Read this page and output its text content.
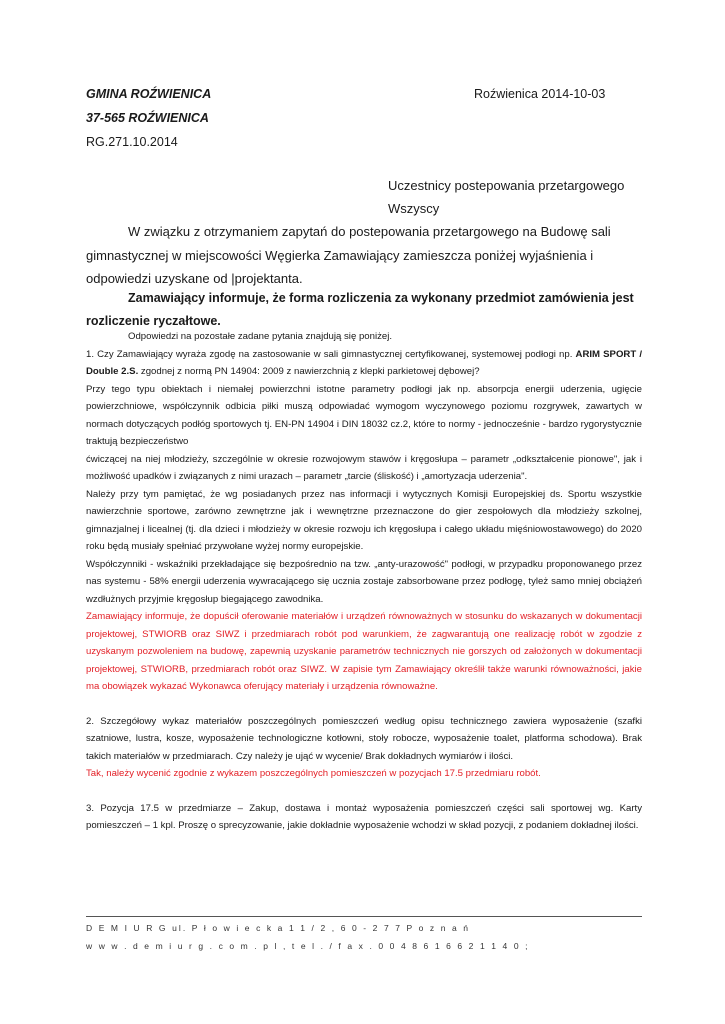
GMINA ROŹWIENICA
37-565 ROŹWIENICA
RG.271.10.2014
Roźwienica 2014-10-03
Uczestnicy postepowania przetargowego
Wszyscy
W związku z otrzymaniem zapytań do postepowania przetargowego na Budowę sali
gimnastycznej w miejscowości Węgierka Zamawiający zamieszcza poniżej wyjaśnienia i
odpowiedzi uzyskane od |projektanta.
Zamawiający informuje, że forma rozliczenia za wykonany przedmiot zamówienia jest
rozliczenie ryczałtowe.

Odpowiedzi na pozostałe zadane pytania znajdują się poniżej.

1. Czy Zamawiający wyraża zgodę na zastosowanie w sali gimnastycznej certyfikowanej, systemowej podłogi np. ARIM SPORT / Double 2.S. zgodnej z normą PN 14904: 2009 z nawierzchnią z klepki parkietowej dębowej?

Przy tego typu obiektach i niemałej powierzchni istotne parametry podłogi jak np. absorpcja energii uderzenia, ugięcie powierzchniowe, współczynnik odbicia piłki muszą odpowiadać wymogom wyczynowego poziomu rozgrywek, zawartych w normach dotyczących podłóg sportowych tj. EN-PN 14904 i DIN 18032 cz.2, które to normy - jednocześnie - bardzo rygorystycznie traktują bezpieczeństwo

ćwiczącej na niej młodzieży, szczególnie w okresie rozwojowym stawów i kręgosłupa – parametr „odkształcenie pionowe", jak i możliwość upadków i związanych z nimi urazach – parametr „tarcie (śliskość) i „amortyzacja uderzenia".

Należy przy tym pamiętać, że wg posiadanych przez nas informacji i wytycznych Komisji Europejskiej ds. Sportu wszystkie nawierzchnie sportowe, zarówno zewnętrzne jak i wewnętrzne przeznaczone do gier zespołowych dla młodzieży szkolnej, gimnazjalnej i licealnej (tj. dla dzieci i młodzieży w okresie rozwoju ich kręgosłupa i całego układu mięśniowostawowego) do 2020 roku będą musiały spełniać przywołane wyżej normy europejskie.

Współczynniki - wskaźniki przekładające się bezpośrednio na tzw. „anty-urazowość" podłogi, w przypadku proponowanego przez nas systemu - 58% energii uderzenia wywracającego się ucznia zostaje zabsorbowane przez podłogę, tyleż samo mniej obciążeń wzdłużnych przyjmie kręgosłup biegającego zawodnika.

Zamawiający informuje, że dopuścił oferowanie materiałów i urządzeń równoważnych w stosunku do wskazanych w dokumentacji projektowej, STWIORB oraz SIWZ i przedmiarach robót pod warunkiem, że zagwarantują one realizację robót w zgodzie z uzyskanym pozwoleniem na budowę, zapewnią uzyskanie parametrów technicznych nie gorszych od założonych w dokumentacji projektowej, STWIORB, przedmiarach robót oraz SIWZ. W zapisie tym Zamawiający określił także warunki równoważności, jakie ma obowiązek wykazać Wykonawca oferujący materiały i urządzenia równoważne.

2. Szczegółowy wykaz materiałów poszczególnych pomieszczeń według opisu technicznego zawiera wyposażenie (szafki szatniowe, lustra, kosze, wyposażenie technologiczne kotłowni, stoły robocze, wyposażenie toalet, platforma schodowa). Brak takich materiałów w przedmiarach. Czy należy je ująć w wycenie/ Brak dokładnych wymiarów i ilości.

Tak, należy wycenić zgodnie z wykazem poszczególnych pomieszczeń w pozycjach 17.5 przedmiaru robót.

3. Pozycja 17.5 w przedmiarze – Zakup, dostawa i montaż wyposażenia pomieszczeń części sali sportowej wg. Karty pomieszczeń – 1 kpl. Proszę o sprecyzowanie, jakie dokładnie wyposażenie wchodzi w skład pozycji, z podaniem dokładnej ilości.

D E M I U R G ul. P ł o w i e c k a 1 1 / 2 , 6 0 - 2 7 7 P o z n a ń
w w w . d e m i u r g . c o m . p l , t e l . / f a x . 0 0 4 8 6 1 6 6 2 1 1 4 0 ;
